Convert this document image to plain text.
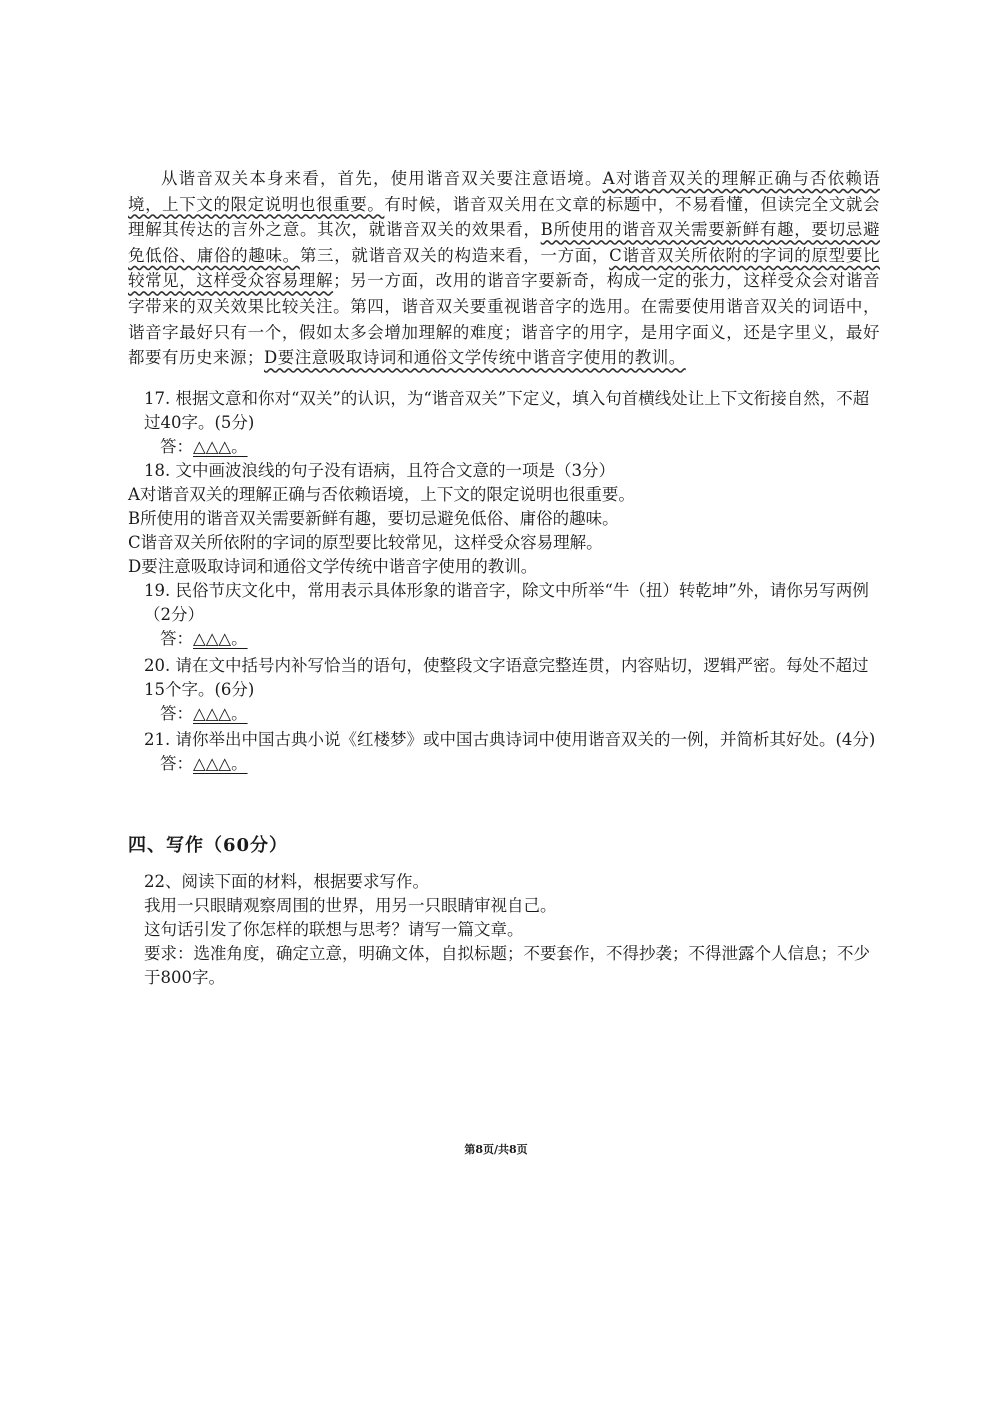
从谐音双关本身来看，首先，使用谐音双关要注意语境。A对谐音双关的理解正确与否依赖语境，上下文的限定说明也很重要。有时候，谐音双关用在文章的标题中，不易看懂，但读完全文就会理解其传达的言外之意。其次，就谐音双关的效果看，B所使用的谐音双关需要新鲜有趣，要切忌避免低俗、庸俗的趣味。第三，就谐音双关的构造来看，一方面，C谐音双关所依附的字词的原型要比较常见，这样受众容易理解；另一方面，改用的谐音字要新奇，构成一定的张力，这样受众会对谐音字带来的双关效果比较关注。第四，谐音双关要重视谐音字的选用。在需要使用谐音双关的词语中，谐音字最好只有一个，假如太多会增加理解的难度；谐音字的用字，是用字面义，还是字里义，最好都要有历史来源；D要注意吸取诗词和通俗文学传统中谐音字使用的教训。

17. 根据文意和你对“双关”的认识，为“谐音双关”下定义，填入句首横线处让上下文衔接自然，不超过40字。(5分)

答：△△△。

18. 文中画波浪线的句子没有语病，且符合文意的一项是（3分）

A对谐音双关的理解正确与否依赖语境，上下文的限定说明也很重要。

B所使用的谐音双关需要新鲜有趣，要切忌避免低俗、庸俗的趣味。

C谐音双关所依附的字词的原型要比较常见，这样受众容易理解。

D要注意吸取诗词和通俗文学传统中谐音字使用的教训。

19. 民俗节庆文化中，常用表示具体形象的谐音字，除文中所举“牛（扭）转乾坤”外，请你另写两例（2分）

答：△△△。

20. 请在文中括号内补写恰当的语句，使整段文字语意完整连贯，内容贴切，逻辑严密。每处不超过15个字。(6分)

答：△△△。

21. 请你举出中国古典小说《红楼梦》或中国古典诗词中使用谐音双关的一例，并简析其好处。(4分)

答：△△△。

四、写作（60分）

22、阅读下面的材料，根据要求写作。

我用一只眼睛观察周围的世界，用另一只眼睛审视自己。

这句话引发了你怎样的联想与思考？请写一篇文章。

要求：选准角度，确定立意，明确文体，自拟标题；不要套作，不得抄袭；不得泄露个人信息；不少于800字。

第8页/共8页
